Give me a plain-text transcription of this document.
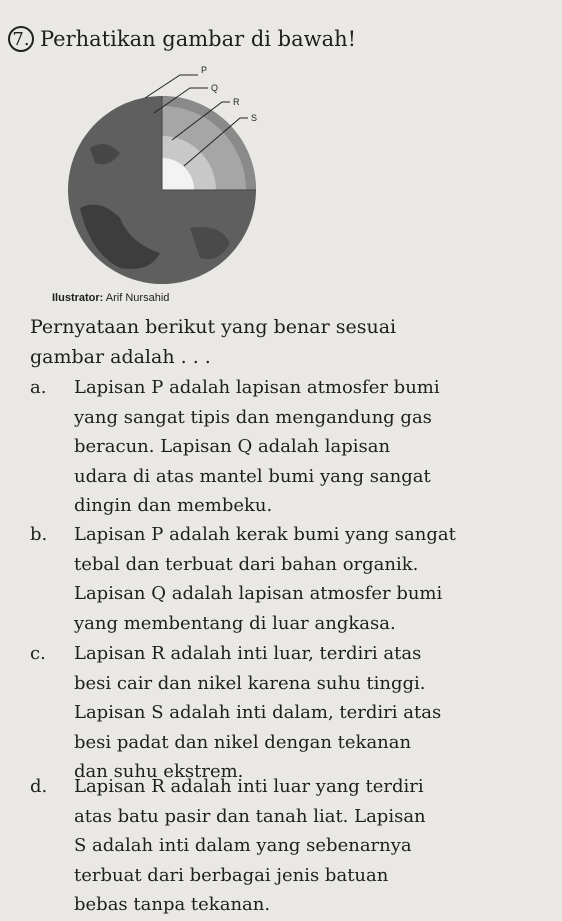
7. Perhatikan gambar di bawah!
P
Q
R
S
Ilustrator: Arif Nursahid
Pernyataan berikut yang benar sesuai
gambar adalah . . .
a. Lapisan P adalah lapisan atmosfer bumi
yang sangat tipis dan mengandung gas
beracun. Lapisan Q adalah lapisan
udara di atas mantel bumi yang sangat
dingin dan membeku.
b. Lapisan P adalah kerak bumi yang sangat
tebal dan terbuat dari bahan organik.
Lapisan Q adalah lapisan atmosfer bumi
yang membentang di luar angkasa.
c. Lapisan R adalah inti luar, terdiri atas
besi cair dan nikel karena suhu tinggi.
Lapisan S adalah inti dalam, terdiri atas
besi padat dan nikel dengan tekanan
dan suhu ekstrem.
d. Lapisan R adalah inti luar yang terdiri
atas batu pasir dan tanah liat. Lapisan
S adalah inti dalam yang sebenarnya
terbuat dari berbagai jenis batuan
bebas tanpa tekanan.
